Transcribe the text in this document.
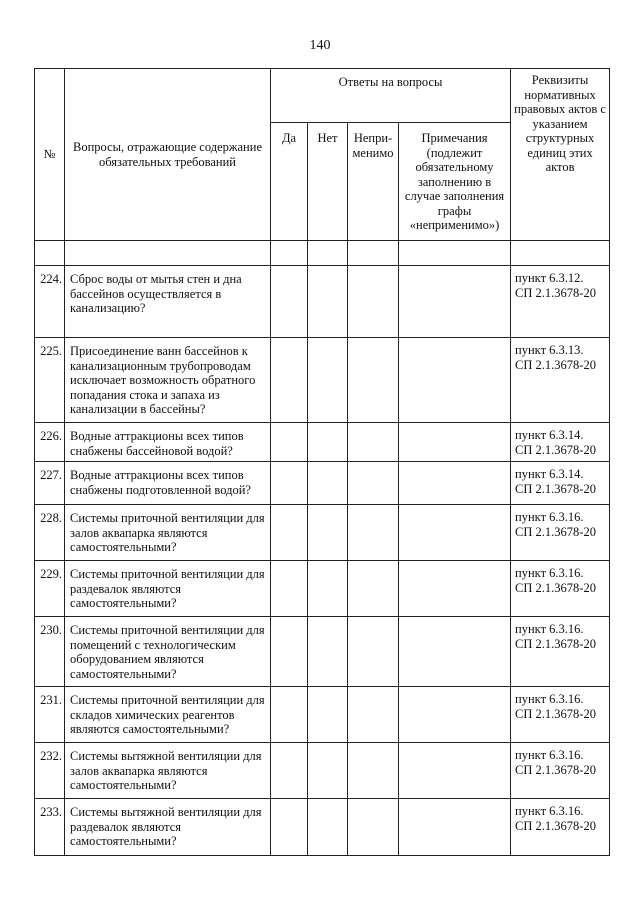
140
№	Вопросы, отражающие содержание обязательных требований	Ответы на вопросы				Реквизиты нормативных правовых актов с указанием структурных единиц этих актов
		Да	Нет	Непри-
менимо	Примечания (подлежит обязательному заполнению в случае заполнения графы «неприменимо»)	

224.	Сброс воды от мытья стен и дна бассейнов осуществляется в канализацию?					пункт 6.3.12.
СП 2.1.3678-20
225.	Присоединение ванн бассейнов к канализационным трубопроводам исключает возможность обратного попадания стока и запаха из канализации в бассейны?					пункт 6.3.13.
СП 2.1.3678-20
226.	Водные аттракционы всех типов снабжены бассейновой водой?					пункт 6.3.14.
СП 2.1.3678-20
227.	Водные аттракционы всех типов снабжены подготовленной водой?					пункт 6.3.14.
СП 2.1.3678-20
228.	Системы приточной вентиляции для залов аквапарка являются самостоятельными?					пункт 6.3.16.
СП 2.1.3678-20
229.	Системы приточной вентиляции для раздевалок являются самостоятельными?					пункт 6.3.16.
СП 2.1.3678-20
230.	Системы приточной вентиляции для помещений с технологическим оборудованием являются самостоятельными?					пункт 6.3.16.
СП 2.1.3678-20
231.	Системы приточной вентиляции для складов химических реагентов являются самостоятельными?					пункт 6.3.16.
СП 2.1.3678-20
232.	Системы вытяжной вентиляции для залов аквапарка являются самостоятельными?					пункт 6.3.16.
СП 2.1.3678-20
233.	Системы вытяжной вентиляции для раздевалок являются самостоятельными?					пункт 6.3.16.
СП 2.1.3678-20
